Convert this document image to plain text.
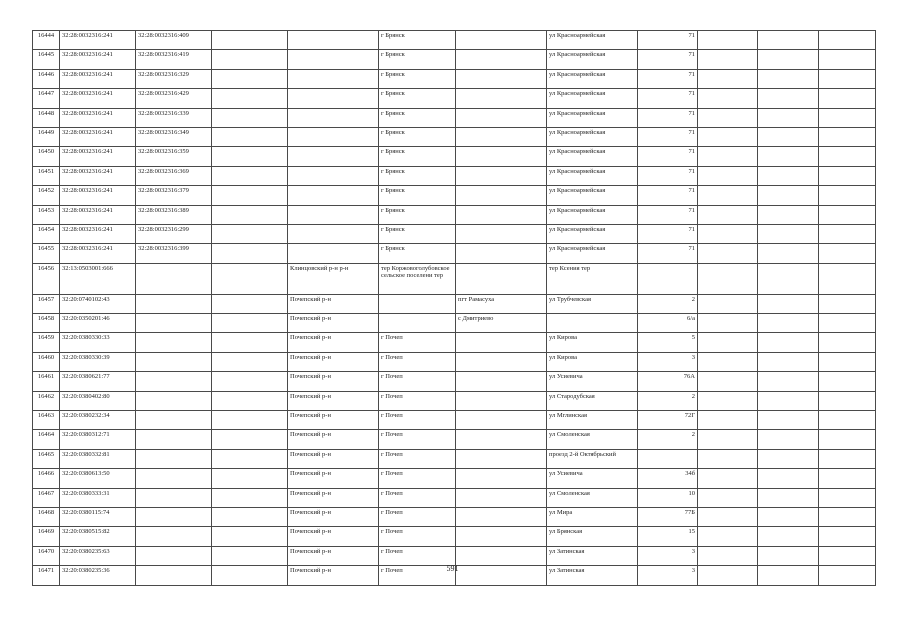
16444	32:28:0032316:241	32:28:0032316:409			г Брянск		ул Красноармейская	71			
16445	32:28:0032316:241	32:28:0032316:419			г Брянск		ул Красноармейская	71			
16446	32:28:0032316:241	32:28:0032316:329			г Брянск		ул Красноармейская	71			
16447	32:28:0032316:241	32:28:0032316:429			г Брянск		ул Красноармейская	71			
16448	32:28:0032316:241	32:28:0032316:339			г Брянск		ул Красноармейская	71			
16449	32:28:0032316:241	32:28:0032316:349			г Брянск		ул Красноармейская	71			
16450	32:28:0032316:241	32:28:0032316:359			г Брянск		ул Красноармейская	71			
16451	32:28:0032316:241	32:28:0032316:369			г Брянск		ул Красноармейская	71			
16452	32:28:0032316:241	32:28:0032316:379			г Брянск		ул Красноармейская	71			
16453	32:28:0032316:241	32:28:0032316:389			г Брянск		ул Красноармейская	71			
16454	32:28:0032316:241	32:28:0032316:299			г Брянск		ул Красноармейская	71			
16455	32:28:0032316:241	32:28:0032316:399			г Брянск		ул Красноармейская	71			
16456	32:13:0503001:666			Клинцовский р-н р-н	тер Коржовоголубовское сельское поселени тер		тер Ксения тер				
16457	32:20:0740102:43			Почепский р-н		пгт Рамасуха	ул Трубчевская	2			
16458	32:20:0350201:46			Почепский р-н		с Дмитриево		6/а			
16459	32:20:0380330:33			Почепский р-н	г Почеп		ул Кирова	5			
16460	32:20:0380330:39			Почепский р-н	г Почеп		ул Кирова	3			
16461	32:20:0380621:77			Почепский р-н	г Почеп		ул Усиевича	76А			
16462	32:20:0380402:80			Почепский р-н	г Почеп		ул Стародубская	2			
16463	32:20:0380232:34			Почепский р-н	г Почеп		ул Мглинская	72Г			
16464	32:20:0380312:71			Почепский р-н	г Почеп		ул Смоленская	2			
16465	32:20:0380332:81			Почепский р-н	г Почеп		проезд 2-й Октябрьский				
16466	32:20:0380613:50			Почепский р-н	г Почеп		ул Усиевича	34б			
16467	32:20:0380333:31			Почепский р-н	г Почеп		ул Смоленская	10			
16468	32:20:0380115:74			Почепский р-н	г Почеп		ул Мира	77Б			
16469	32:20:0380515:82			Почепский р-н	г Почеп		ул Брянская	15			
16470	32:20:0380235:63			Почепский р-н	г Почеп		ул Затинская	3			
16471	32:20:0380235:36			Почепский р-н	г Почеп		ул Затинская	3			
591
